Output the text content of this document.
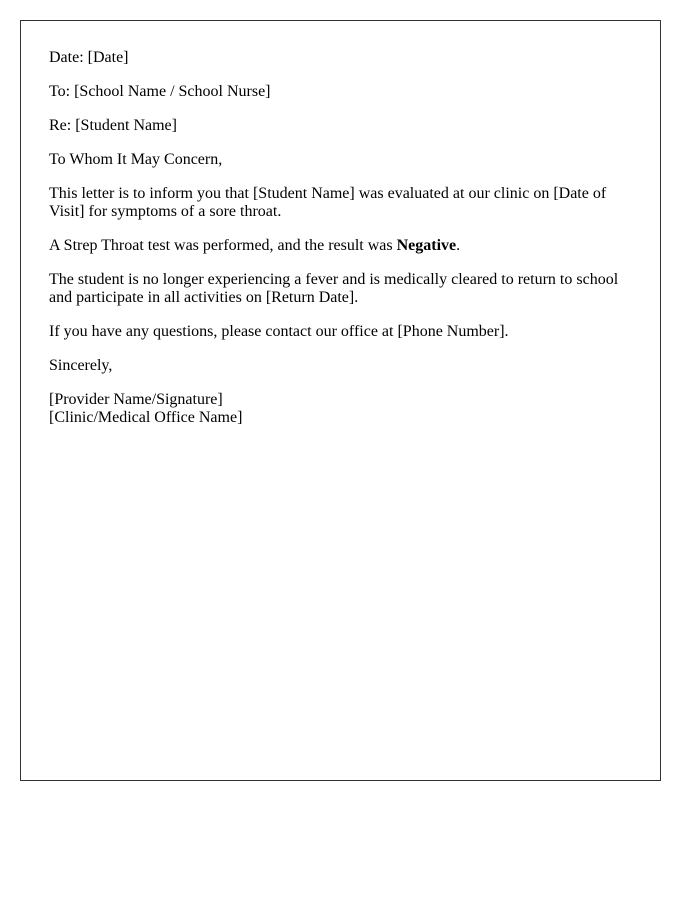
Date: [Date]

To: [School Name / School Nurse]

Re: [Student Name]

To Whom It May Concern,

This letter is to inform you that [Student Name] was evaluated at our clinic on [Date of Visit] for symptoms of a sore throat.

A Strep Throat test was performed, and the result was Negative.

The student is no longer experiencing a fever and is medically cleared to return to school and participate in all activities on [Return Date].

If you have any questions, please contact our office at [Phone Number].

Sincerely,

[Provider Name/Signature]
[Clinic/Medical Office Name]
